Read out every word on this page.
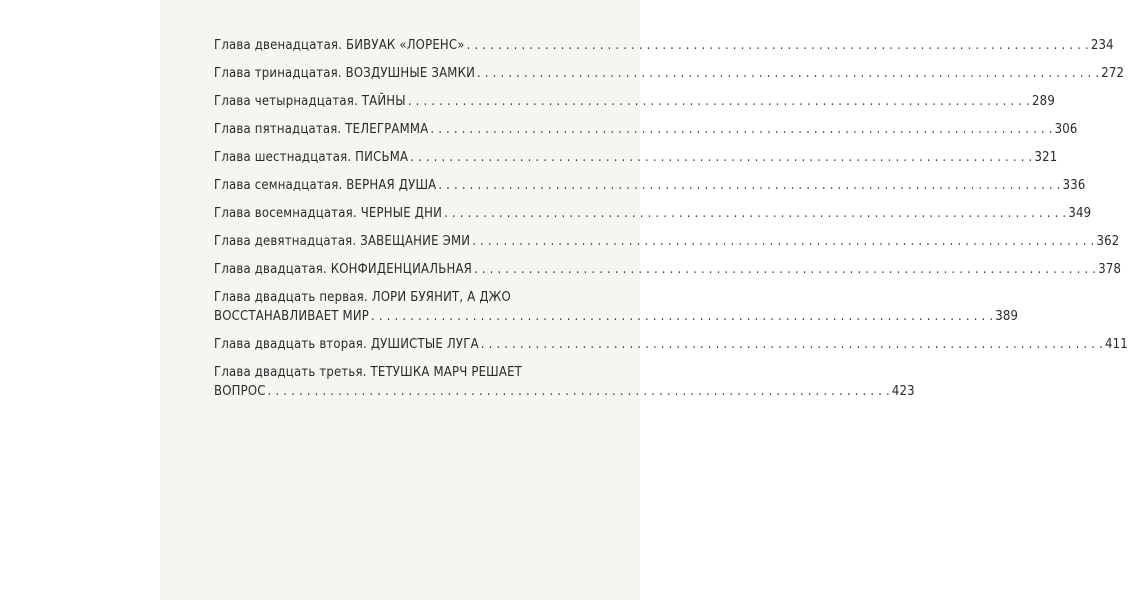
Глава двенадцатая. БИВУАК «ЛОРЕНС» . . . . . . . . . . . . . . . . . . . . . . . . . . . . . . . . . . . . . . . . . . . . . . . . . . . . . . . . . . . . . . . . . . . . . . . . . . . . . . . . 234
Глава тринадцатая. ВОЗДУШНЫЕ ЗАМКИ . . . . . . . . . . . . . . . . . . . . . . . . . . . . . . . . . . . . . . . . . . . . . . . . . . . . . . . . . . . . . . . . . . . . . . . . . . . . . . . . 272
Глава четырнадцатая. ТАЙНЫ . . . . . . . . . . . . . . . . . . . . . . . . . . . . . . . . . . . . . . . . . . . . . . . . . . . . . . . . . . . . . . . . . . . . . . . . . . . . . . . . 289
Глава пятнадцатая. ТЕЛЕГРАММА . . . . . . . . . . . . . . . . . . . . . . . . . . . . . . . . . . . . . . . . . . . . . . . . . . . . . . . . . . . . . . . . . . . . . . . . . . . . . . . . 306
Глава шестнадцатая. ПИСЬМА . . . . . . . . . . . . . . . . . . . . . . . . . . . . . . . . . . . . . . . . . . . . . . . . . . . . . . . . . . . . . . . . . . . . . . . . . . . . . . . . 321
Глава семнадцатая. ВЕРНАЯ ДУША . . . . . . . . . . . . . . . . . . . . . . . . . . . . . . . . . . . . . . . . . . . . . . . . . . . . . . . . . . . . . . . . . . . . . . . . . . . . . . . . 336
Глава восемнадцатая. ЧЕРНЫЕ ДНИ . . . . . . . . . . . . . . . . . . . . . . . . . . . . . . . . . . . . . . . . . . . . . . . . . . . . . . . . . . . . . . . . . . . . . . . . . . . . . . . . 349
Глава девятнадцатая. ЗАВЕЩАНИЕ ЭМИ . . . . . . . . . . . . . . . . . . . . . . . . . . . . . . . . . . . . . . . . . . . . . . . . . . . . . . . . . . . . . . . . . . . . . . . . . . . . . . . . 362
Глава двадцатая. КОНФИДЕНЦИАЛЬНАЯ . . . . . . . . . . . . . . . . . . . . . . . . . . . . . . . . . . . . . . . . . . . . . . . . . . . . . . . . . . . . . . . . . . . . . . . . . . . . . . . . 378
Глава двадцать первая. ЛОРИ БУЯНИТ, А ДЖО
ВОССТАНАВЛИВАЕТ МИР . . . . . . . . . . . . . . . . . . . . . . . . . . . . . . . . . . . . . . . . . . . . . . . . . . . . . . . . . . . . . . . . . . . . . . . . . . . . . . . . 389
Глава двадцать вторая. ДУШИСТЫЕ ЛУГА . . . . . . . . . . . . . . . . . . . . . . . . . . . . . . . . . . . . . . . . . . . . . . . . . . . . . . . . . . . . . . . . . . . . . . . . . . . . . . . . 411
Глава двадцать третья. ТЕТУШКА МАРЧ РЕШАЕТ
ВОПРОС . . . . . . . . . . . . . . . . . . . . . . . . . . . . . . . . . . . . . . . . . . . . . . . . . . . . . . . . . . . . . . . . . . . . . . . . . . . . . . . . 423
